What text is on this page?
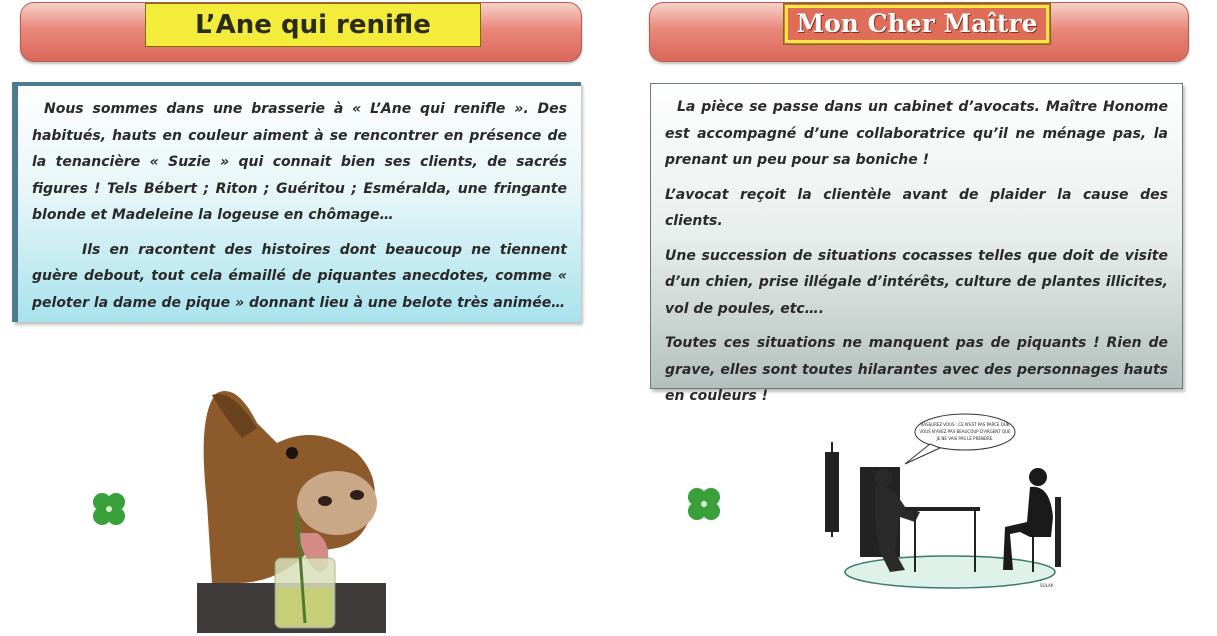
L’Ane qui renifle	Mon Cher Maître

Nous sommes dans une brasserie à « L’Ane qui renifle ». Des habitués, hauts en couleur aiment à se rencontrer en présence de la tenancière « Suzie » qui connait bien ses clients, de sacrés figures ! Tels Bébert ; Riton ; Guéritou ; Esméralda, une fringante blonde et Madeleine la logeuse en chômage…

Ils en racontent des histoires dont beaucoup ne tiennent guère debout, tout cela émaillé de piquantes anecdotes, comme « peloter la dame de pique » donnant lieu à une belote très animée…

La pièce se passe dans un cabinet d’avocats. Maître Honome est accompagné d’une collaboratrice qu’il ne ménage pas, la prenant un peu pour sa boniche !

L’avocat reçoit la clientèle avant de plaider la cause des clients.

Une succession de situations cocasses telles que doit de visite d’un chien, prise illégale d’intérêts, culture de plantes illicites, vol de poules, etc….

Toutes ces situations ne manquent pas de piquants ! Rien de grave, elles sont toutes hilarantes avec des personnages hauts en couleurs !

RASSUREZ-VOUS : CE N'EST PAS PARCE QUE
VOUS N'AVEZ PAS BEAUCOUP D'ARGENT QUE
JE NE VAIS PAS LE PRENDRE.
SOLAK
